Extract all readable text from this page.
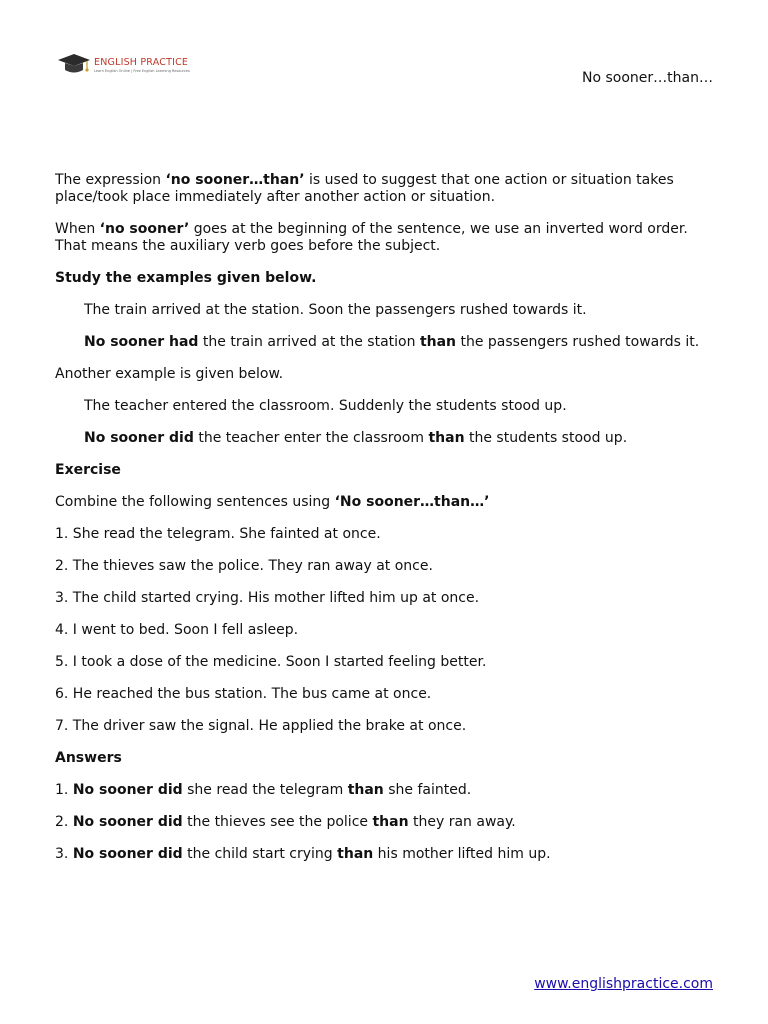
ENGLISH PRACTICE
Learn English Online | Free English Learning Resources	No sooner…than…

The expression ‘no sooner…than’ is used to suggest that one action or situation takes place/took place immediately after another action or situation.

When ‘no sooner’ goes at the beginning of the sentence, we use an inverted word order. That means the auxiliary verb goes before the subject.

Study the examples given below.

The train arrived at the station. Soon the passengers rushed towards it.

No sooner had the train arrived at the station than the passengers rushed towards it.

Another example is given below.

The teacher entered the classroom. Suddenly the students stood up.

No sooner did the teacher enter the classroom than the students stood up.

Exercise

Combine the following sentences using ‘No sooner…than…’

1. She read the telegram. She fainted at once.

2. The thieves saw the police. They ran away at once.

3. The child started crying. His mother lifted him up at once.

4. I went to bed. Soon I fell asleep.

5. I took a dose of the medicine. Soon I started feeling better.

6. He reached the bus station. The bus came at once.

7. The driver saw the signal. He applied the brake at once.

Answers

1. No sooner did she read the telegram than she fainted.

2. No sooner did the thieves see the police than they ran away.

3. No sooner did the child start crying than his mother lifted him up.

www.englishpractice.com
